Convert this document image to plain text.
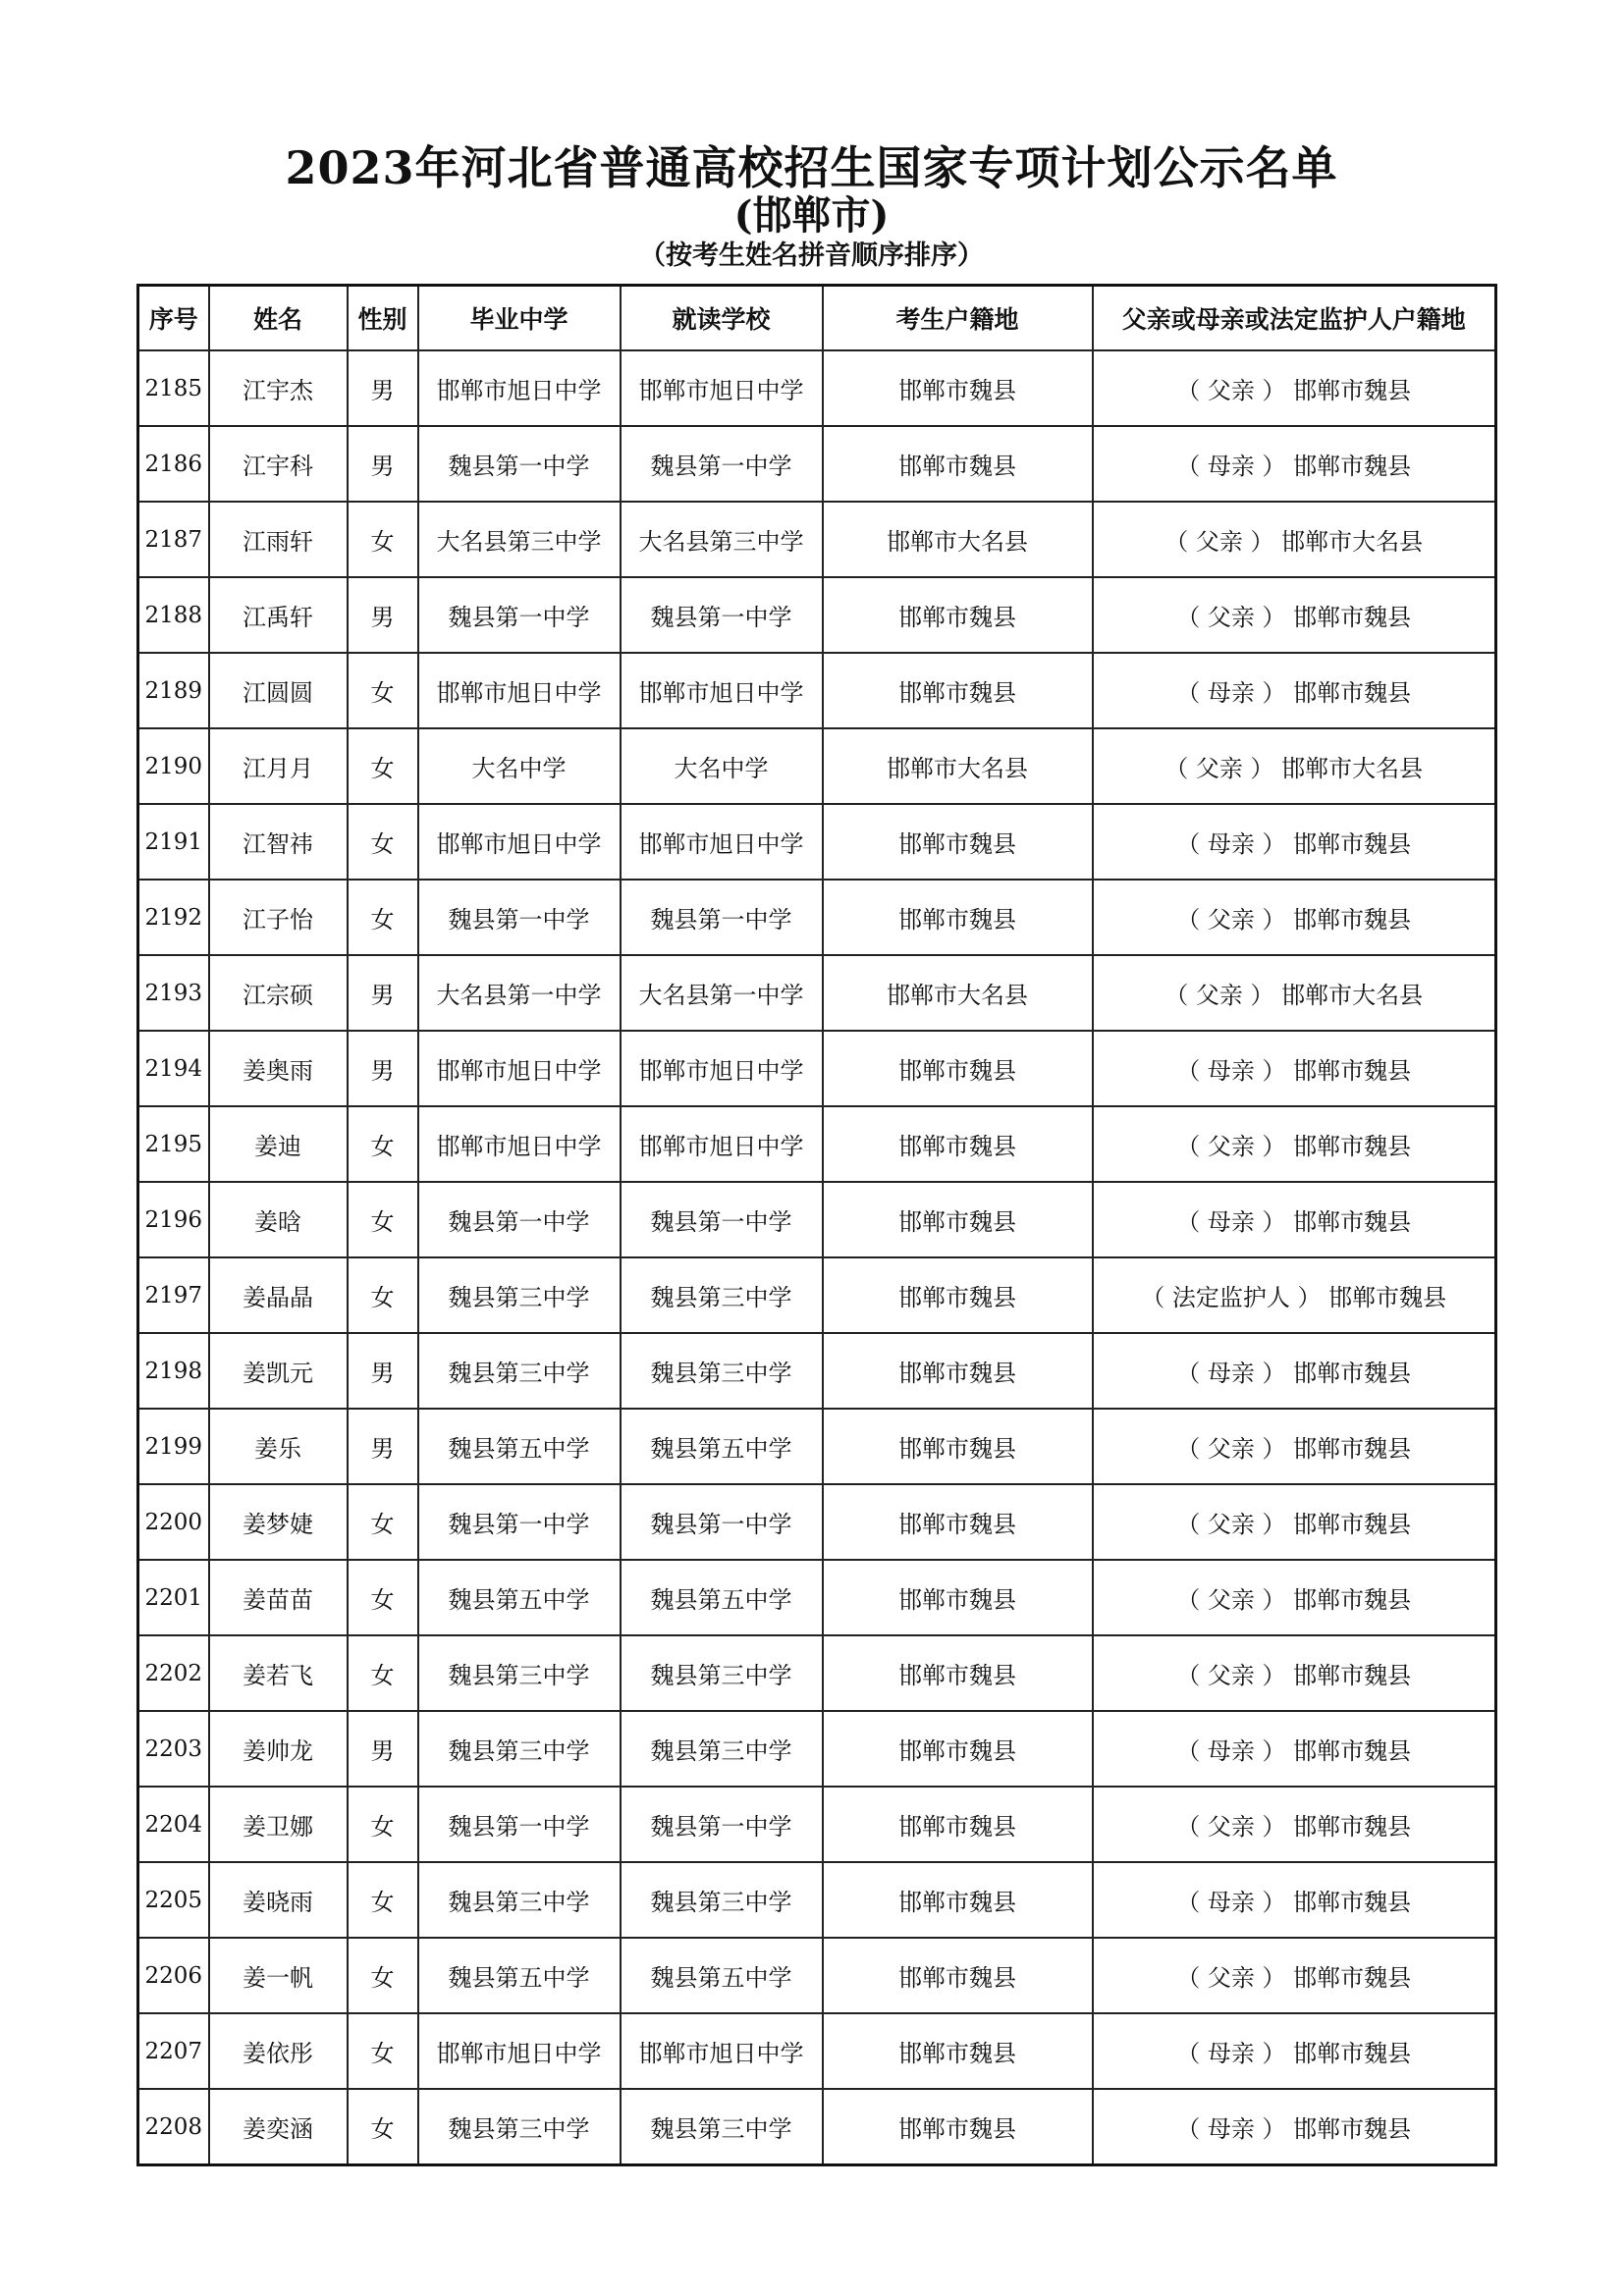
2023年河北省普通高校招生国家专项计划公示名单
(邯郸市)
（按考生姓名拼音顺序排序）
序号	姓名	性别	毕业中学	就读学校	考生户籍地	父亲或母亲或法定监护人户籍地
2185	江宇杰	男	邯郸市旭日中学	邯郸市旭日中学	邯郸市魏县	（ 父亲 ） 邯郸市魏县
2186	江宇科	男	魏县第一中学	魏县第一中学	邯郸市魏县	（ 母亲 ） 邯郸市魏县
2187	江雨轩	女	大名县第三中学	大名县第三中学	邯郸市大名县	（ 父亲 ） 邯郸市大名县
2188	江禹轩	男	魏县第一中学	魏县第一中学	邯郸市魏县	（ 父亲 ） 邯郸市魏县
2189	江圆圆	女	邯郸市旭日中学	邯郸市旭日中学	邯郸市魏县	（ 母亲 ） 邯郸市魏县
2190	江月月	女	大名中学	大名中学	邯郸市大名县	（ 父亲 ） 邯郸市大名县
2191	江智祎	女	邯郸市旭日中学	邯郸市旭日中学	邯郸市魏县	（ 母亲 ） 邯郸市魏县
2192	江子怡	女	魏县第一中学	魏县第一中学	邯郸市魏县	（ 父亲 ） 邯郸市魏县
2193	江宗硕	男	大名县第一中学	大名县第一中学	邯郸市大名县	（ 父亲 ） 邯郸市大名县
2194	姜奥雨	男	邯郸市旭日中学	邯郸市旭日中学	邯郸市魏县	（ 母亲 ） 邯郸市魏县
2195	姜迪	女	邯郸市旭日中学	邯郸市旭日中学	邯郸市魏县	（ 父亲 ） 邯郸市魏县
2196	姜晗	女	魏县第一中学	魏县第一中学	邯郸市魏县	（ 母亲 ） 邯郸市魏县
2197	姜晶晶	女	魏县第三中学	魏县第三中学	邯郸市魏县	（ 法定监护人 ） 邯郸市魏县
2198	姜凯元	男	魏县第三中学	魏县第三中学	邯郸市魏县	（ 母亲 ） 邯郸市魏县
2199	姜乐	男	魏县第五中学	魏县第五中学	邯郸市魏县	（ 父亲 ） 邯郸市魏县
2200	姜梦婕	女	魏县第一中学	魏县第一中学	邯郸市魏县	（ 父亲 ） 邯郸市魏县
2201	姜苗苗	女	魏县第五中学	魏县第五中学	邯郸市魏县	（ 父亲 ） 邯郸市魏县
2202	姜若飞	女	魏县第三中学	魏县第三中学	邯郸市魏县	（ 父亲 ） 邯郸市魏县
2203	姜帅龙	男	魏县第三中学	魏县第三中学	邯郸市魏县	（ 母亲 ） 邯郸市魏县
2204	姜卫娜	女	魏县第一中学	魏县第一中学	邯郸市魏县	（ 父亲 ） 邯郸市魏县
2205	姜晓雨	女	魏县第三中学	魏县第三中学	邯郸市魏县	（ 母亲 ） 邯郸市魏县
2206	姜一帆	女	魏县第五中学	魏县第五中学	邯郸市魏县	（ 父亲 ） 邯郸市魏县
2207	姜依彤	女	邯郸市旭日中学	邯郸市旭日中学	邯郸市魏县	（ 母亲 ） 邯郸市魏县
2208	姜奕涵	女	魏县第三中学	魏县第三中学	邯郸市魏县	（ 母亲 ） 邯郸市魏县
